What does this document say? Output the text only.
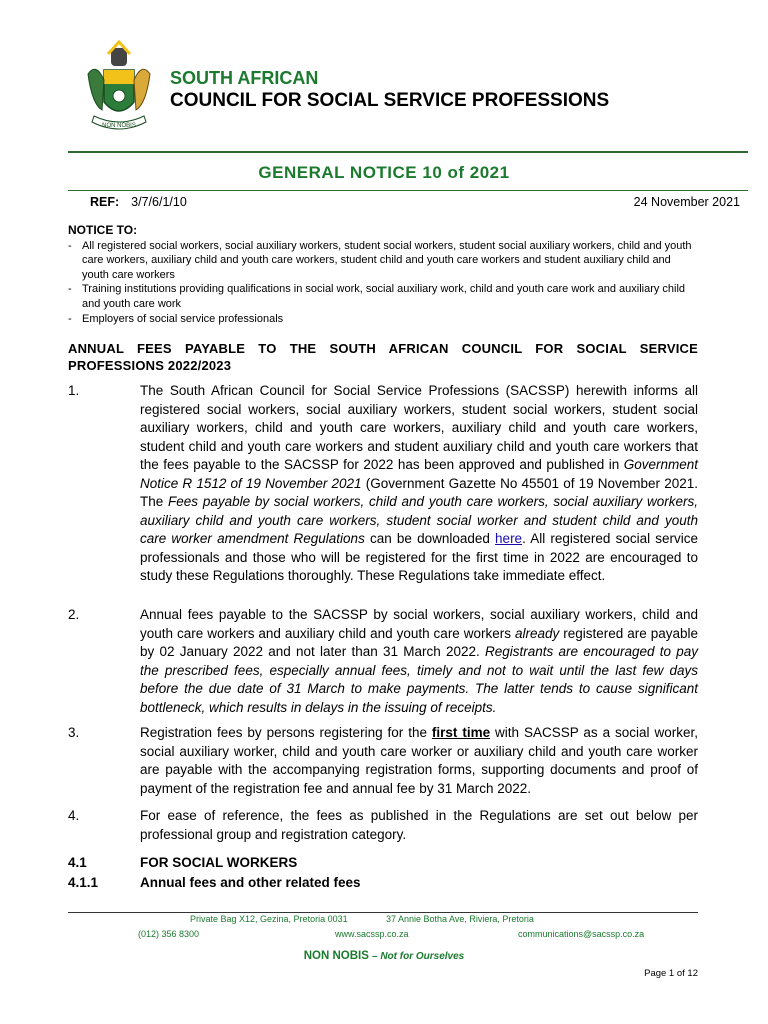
NON NOBIS
SOUTH AFRICAN
COUNCIL FOR SOCIAL SERVICE PROFESSIONS
GENERAL NOTICE 10 of 2021
REF: 3/7/6/1/10	24 November 2021
NOTICE TO:
- All registered social workers, social auxiliary workers, student social workers, student social auxiliary workers, child and youth care workers, auxiliary child and youth care workers, student child and youth care workers and student auxiliary child and youth care workers
- Training institutions providing qualifications in social work, social auxiliary work, child and youth care work and auxiliary child and youth care work
- Employers of social service professionals
ANNUAL FEES PAYABLE TO THE SOUTH AFRICAN COUNCIL FOR SOCIAL SERVICE PROFESSIONS 2022/2023
1.	The South African Council for Social Service Professions (SACSSP) herewith informs all registered social workers, social auxiliary workers, student social workers, student social auxiliary workers, child and youth care workers, auxiliary child and youth care workers, student child and youth care workers and student auxiliary child and youth care workers that the fees payable to the SACSSP for 2022 has been approved and published in Government Notice R 1512 of 19 November 2021 (Government Gazette No 45501 of 19 November 2021. The Fees payable by social workers, child and youth care workers, social auxiliary workers, auxiliary child and youth care workers, student social worker and student child and youth care worker amendment Regulations can be downloaded here. All registered social service professionals and those who will be registered for the first time in 2022 are encouraged to study these Regulations thoroughly. These Regulations take immediate effect.
2.	Annual fees payable to the SACSSP by social workers, social auxiliary workers, child and youth care workers and auxiliary child and youth care workers already registered are payable by 02 January 2022 and not later than 31 March 2022. Registrants are encouraged to pay the prescribed fees, especially annual fees, timely and not to wait until the last few days before the due date of 31 March to make payments. The latter tends to cause significant bottleneck, which results in delays in the issuing of receipts.
3.	Registration fees by persons registering for the first time with SACSSP as a social worker, social auxiliary worker, child and youth care worker or auxiliary child and youth care worker are payable with the accompanying registration forms, supporting documents and proof of payment of the registration fee and annual fee by 31 March 2022.
4.	For ease of reference, the fees as published in the Regulations are set out below per professional group and registration category.
4.1	FOR SOCIAL WORKERS
4.1.1	Annual fees and other related fees
Private Bag X12, Gezina, Pretoria 0031	37 Annie Botha Ave, Riviera, Pretoria
(012) 356 8300	www.sacssp.co.za	communications@sacssp.co.za
NON NOBIS – Not for Ourselves
Page 1 of 12
